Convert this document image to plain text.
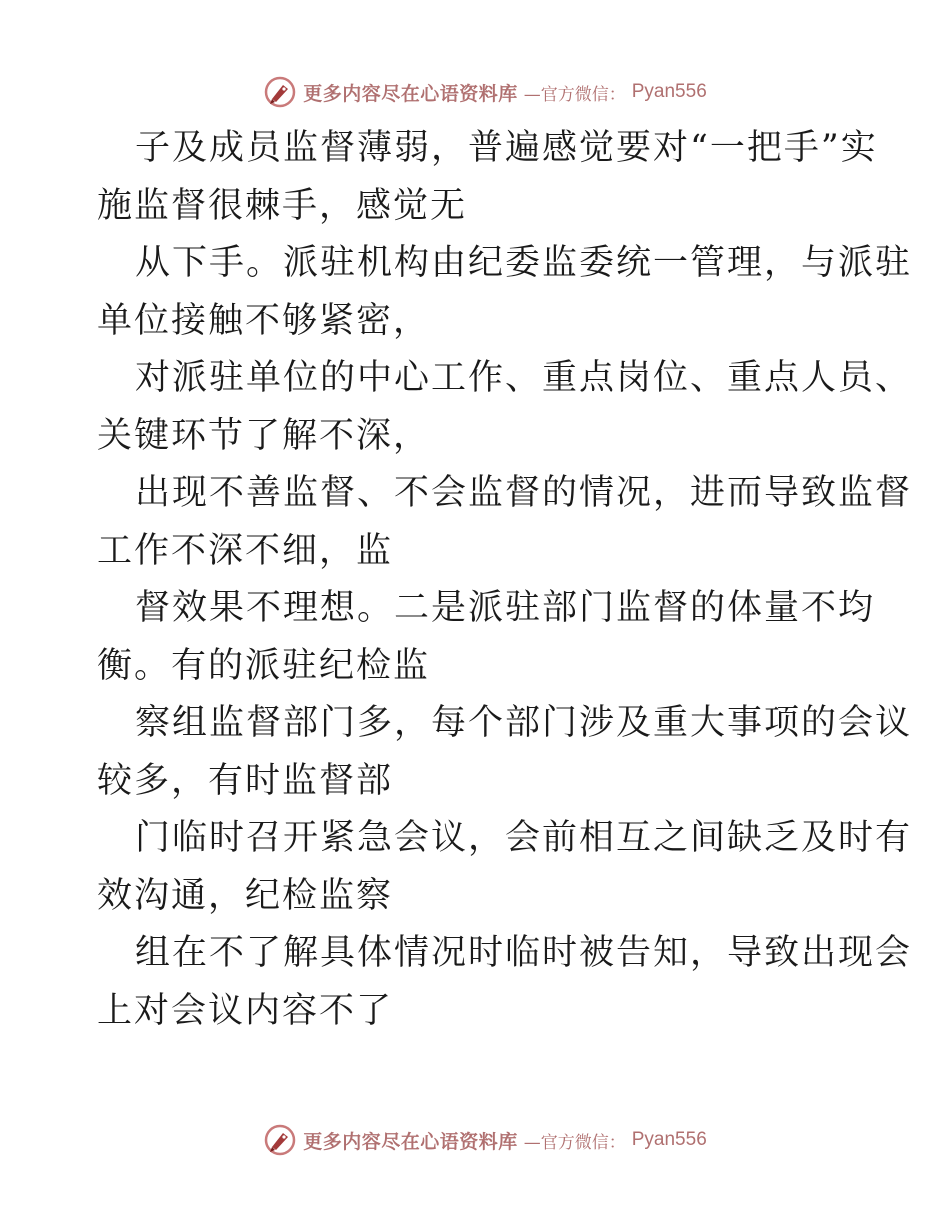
更多内容尽在心语资料库 —官方微信： Pyan556

子及成员监督薄弱，普遍感觉要对“一把手”实

施监督很棘手，感觉无

从下手。派驻机构由纪委监委统一管理，与派驻

单位接触不够紧密，

对派驻单位的中心工作、重点岗位、重点人员、

关键环节了解不深，

出现不善监督、不会监督的情况，进而导致监督

工作不深不细，监

督效果不理想。二是派驻部门监督的体量不均

衡。有的派驻纪检监

察组监督部门多，每个部门涉及重大事项的会议

较多，有时监督部

门临时召开紧急会议，会前相互之间缺乏及时有

效沟通，纪检监察

组在不了解具体情况时临时被告知，导致出现会

上对会议内容不了

更多内容尽在心语资料库 —官方微信： Pyan556
